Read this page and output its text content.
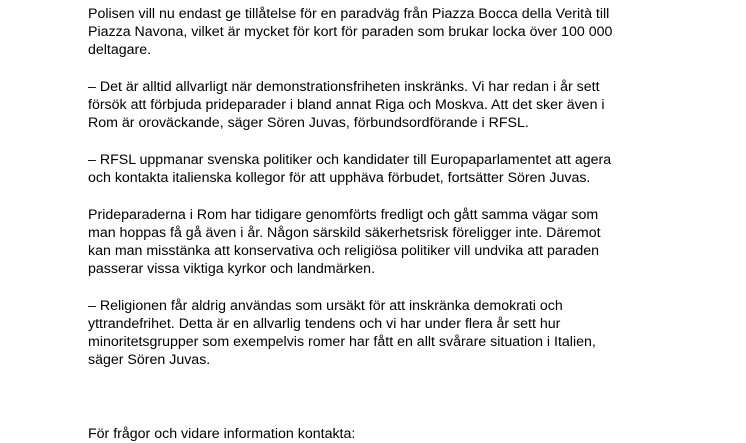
Polisen vill nu endast ge tillåtelse för en paradväg från Piazza Bocca della Verità till
Piazza Navona, vilket är mycket för kort för paraden som brukar locka över 100 000
deltagare.

– Det är alltid allvarligt när demonstrationsfriheten inskränks. Vi har redan i år sett
försök att förbjuda prideparader i bland annat Riga och Moskva. Att det sker även i
Rom är oroväckande, säger Sören Juvas, förbundsordförande i RFSL.

– RFSL uppmanar svenska politiker och kandidater till Europaparlamentet att agera
och kontakta italienska kollegor för att upphäva förbudet, fortsätter Sören Juvas.

Prideparaderna i Rom har tidigare genomförts fredligt och gått samma vägar som
man hoppas få gå även i år. Någon särskild säkerhetsrisk föreligger inte. Däremot
kan man misstänka att konservativa och religiösa politiker vill undvika att paraden
passerar vissa viktiga kyrkor och landmärken.

– Religionen får aldrig användas som ursäkt för att inskränka demokrati och
yttrandefrihet. Detta är en allvarlig tendens och vi har under flera år sett hur
minoritetsgrupper som exempelvis romer har fått en allt svårare situation i Italien,
säger Sören Juvas.

För frågor och vidare information kontakta:
